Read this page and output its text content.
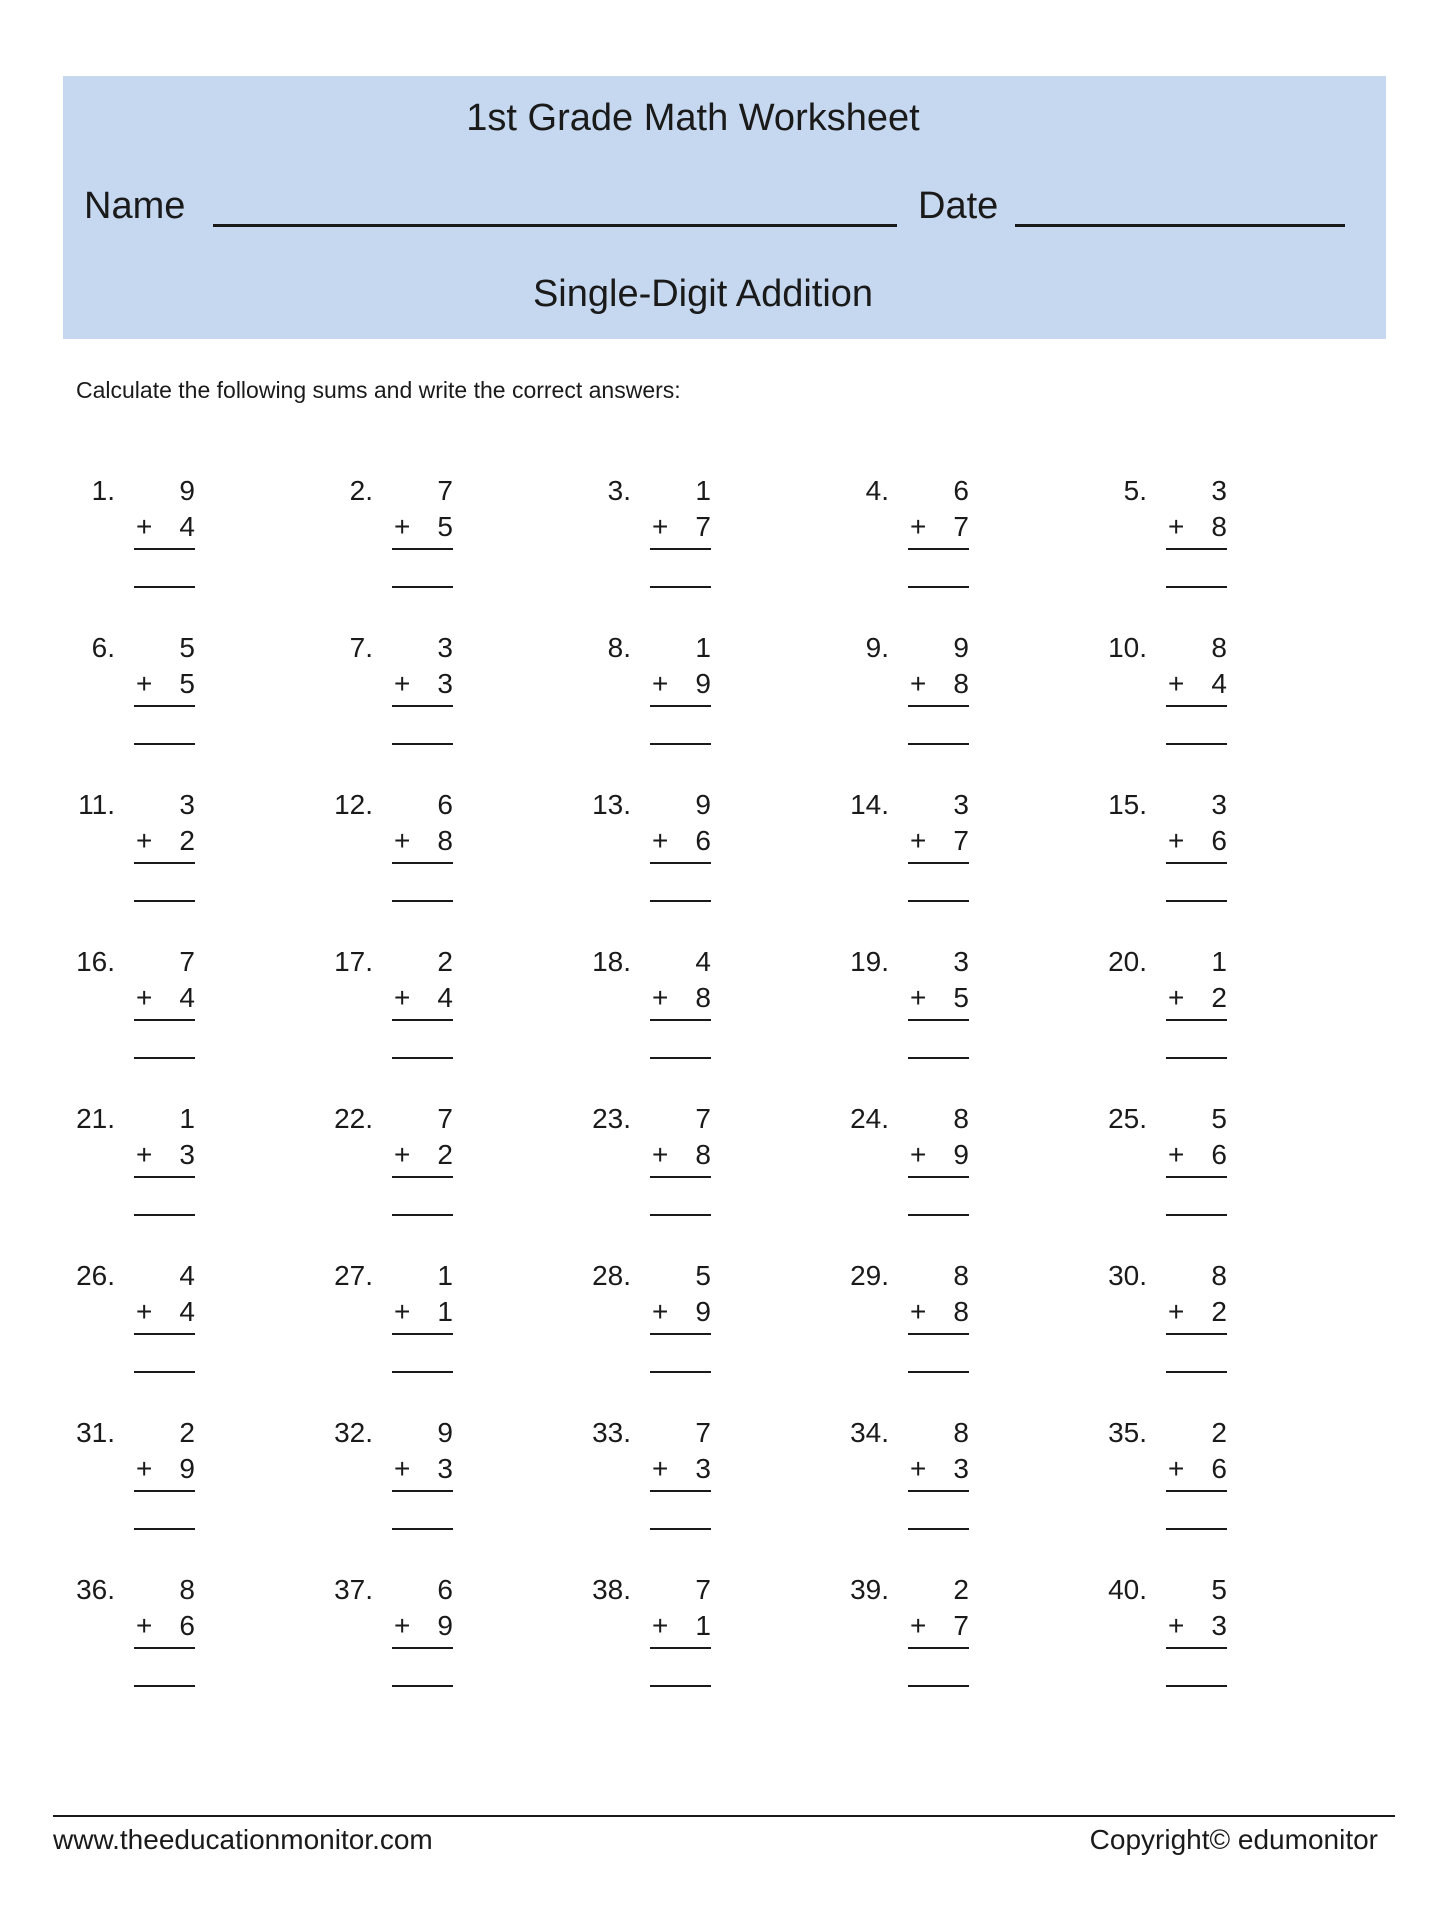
1st Grade Math Worksheet
Name	Date
Single-Digit Addition
Calculate the following sums and write the correct answers:
1. 9
+ 4
2. 7
+ 5
3. 1
+ 7
4. 6
+ 7
5. 3
+ 8
6. 5
+ 5
7. 3
+ 3
8. 1
+ 9
9. 9
+ 8
10. 8
+ 4
11. 3
+ 2
12. 6
+ 8
13. 9
+ 6
14. 3
+ 7
15. 3
+ 6
16. 7
+ 4
17. 2
+ 4
18. 4
+ 8
19. 3
+ 5
20. 1
+ 2
21. 1
+ 3
22. 7
+ 2
23. 7
+ 8
24. 8
+ 9
25. 5
+ 6
26. 4
+ 4
27. 1
+ 1
28. 5
+ 9
29. 8
+ 8
30. 8
+ 2
31. 2
+ 9
32. 9
+ 3
33. 7
+ 3
34. 8
+ 3
35. 2
+ 6
36. 8
+ 6
37. 6
+ 9
38. 7
+ 1
39. 2
+ 7
40. 5
+ 3
www.theeducationmonitor.com	Copyright© edumonitor
